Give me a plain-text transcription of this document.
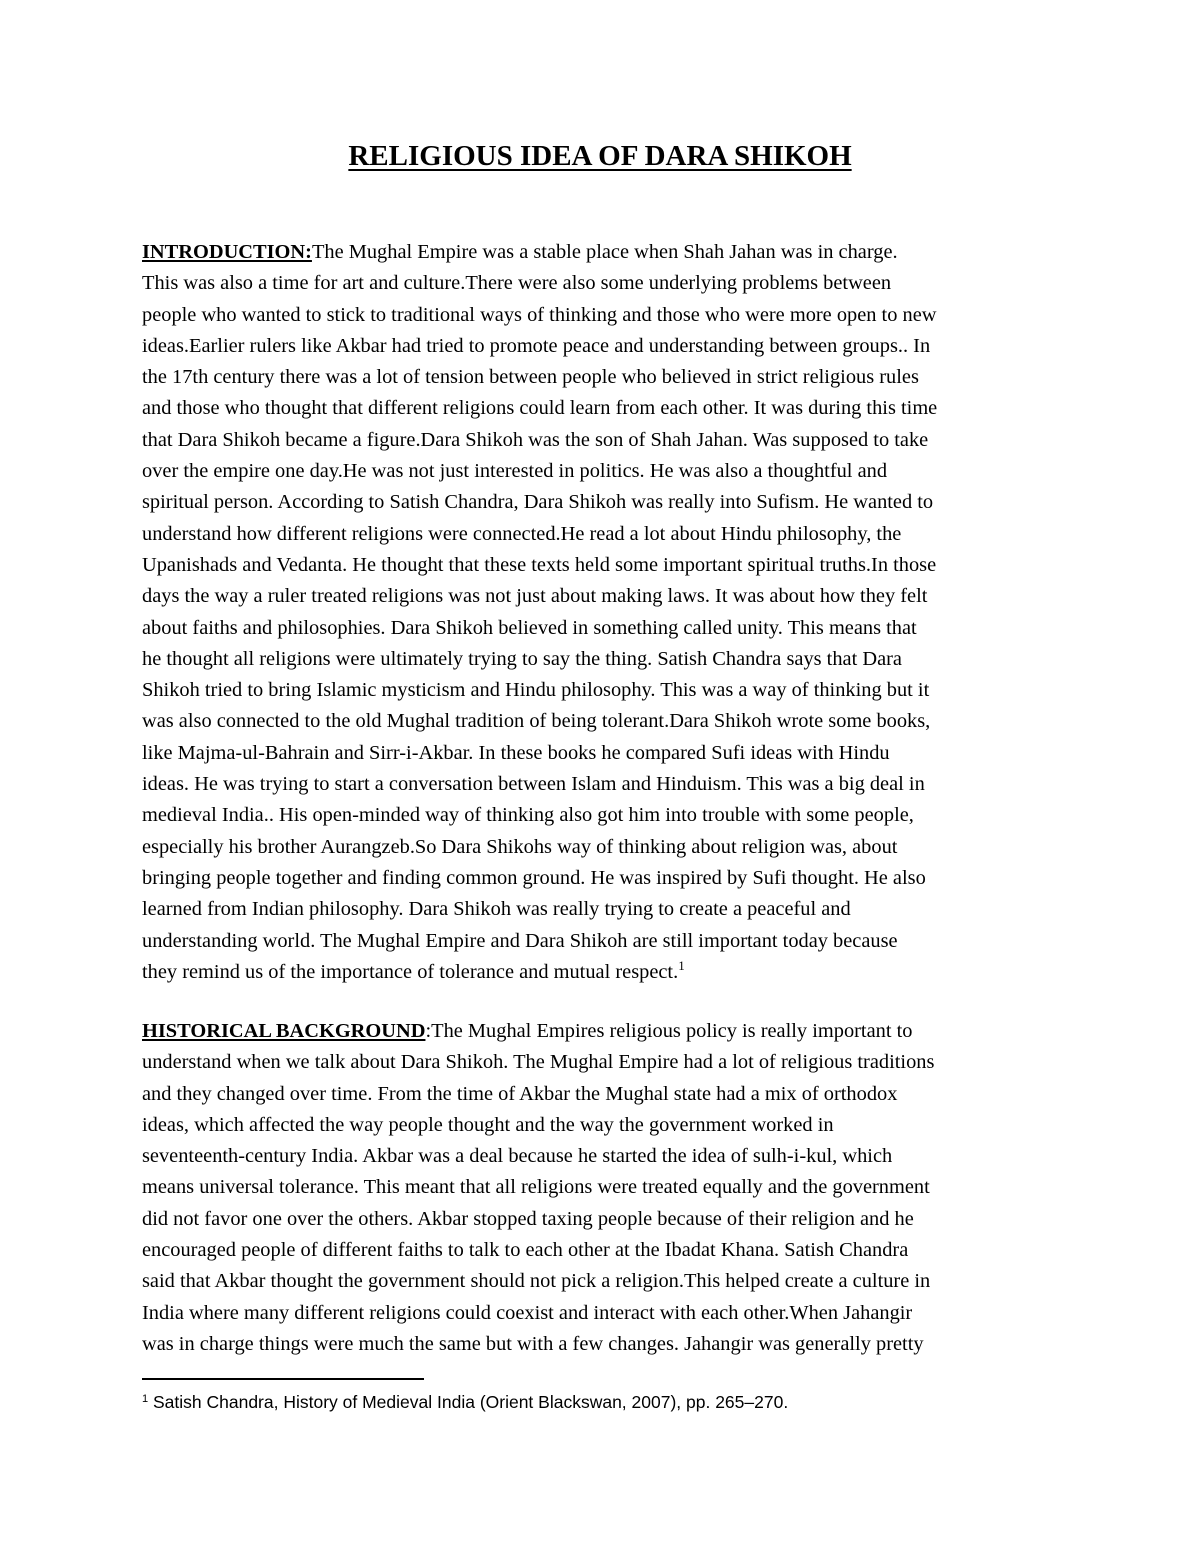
RELIGIOUS IDEA OF DARA SHIKOH
INTRODUCTION:The Mughal Empire was a stable place when Shah Jahan was in charge.
This was also a time for art and culture.There were also some underlying problems between
people who wanted to stick to traditional ways of thinking and those who were more open to new
ideas.Earlier rulers like Akbar had tried to promote peace and understanding between groups.. In
the 17th century there was a lot of tension between people who believed in strict religious rules
and those who thought that different religions could learn from each other. It was during this time
that Dara Shikoh became a figure.Dara Shikoh was the son of Shah Jahan. Was supposed to take
over the empire one day.He was not just interested in politics. He was also a thoughtful and
spiritual person. According to Satish Chandra, Dara Shikoh was really into Sufism. He wanted to
understand how different religions were connected.He read a lot about Hindu philosophy, the
Upanishads and Vedanta. He thought that these texts held some important spiritual truths.In those
days the way a ruler treated religions was not just about making laws. It was about how they felt
about faiths and philosophies. Dara Shikoh believed in something called unity. This means that
he thought all religions were ultimately trying to say the thing. Satish Chandra says that Dara
Shikoh tried to bring Islamic mysticism and Hindu philosophy. This was a way of thinking but it
was also connected to the old Mughal tradition of being tolerant.Dara Shikoh wrote some books,
like Majma-ul-Bahrain and Sirr-i-Akbar. In these books he compared Sufi ideas with Hindu
ideas. He was trying to start a conversation between Islam and Hinduism. This was a big deal in
medieval India.. His open-minded way of thinking also got him into trouble with some people,
especially his brother Aurangzeb.So Dara Shikohs way of thinking about religion was, about
bringing people together and finding common ground. He was inspired by Sufi thought. He also
learned from Indian philosophy. Dara Shikoh was really trying to create a peaceful and
understanding world. The Mughal Empire and Dara Shikoh are still important today because
they remind us of the importance of tolerance and mutual respect.$^1$
HISTORICAL BACKGROUND:The Mughal Empires religious policy is really important to
understand when we talk about Dara Shikoh. The Mughal Empire had a lot of religious traditions
and they changed over time. From the time of Akbar the Mughal state had a mix of orthodox
ideas, which affected the way people thought and the way the government worked in
seventeenth-century India. Akbar was a deal because he started the idea of sulh-i-kul, which
means universal tolerance. This meant that all religions were treated equally and the government
did not favor one over the others. Akbar stopped taxing people because of their religion and he
encouraged people of different faiths to talk to each other at the Ibadat Khana. Satish Chandra
said that Akbar thought the government should not pick a religion.This helped create a culture in
India where many different religions could coexist and interact with each other.When Jahangir
was in charge things were much the same but with a few changes. Jahangir was generally pretty

$^1$ Satish Chandra, History of Medieval India (Orient Blackswan, 2007), pp. 265–270.
